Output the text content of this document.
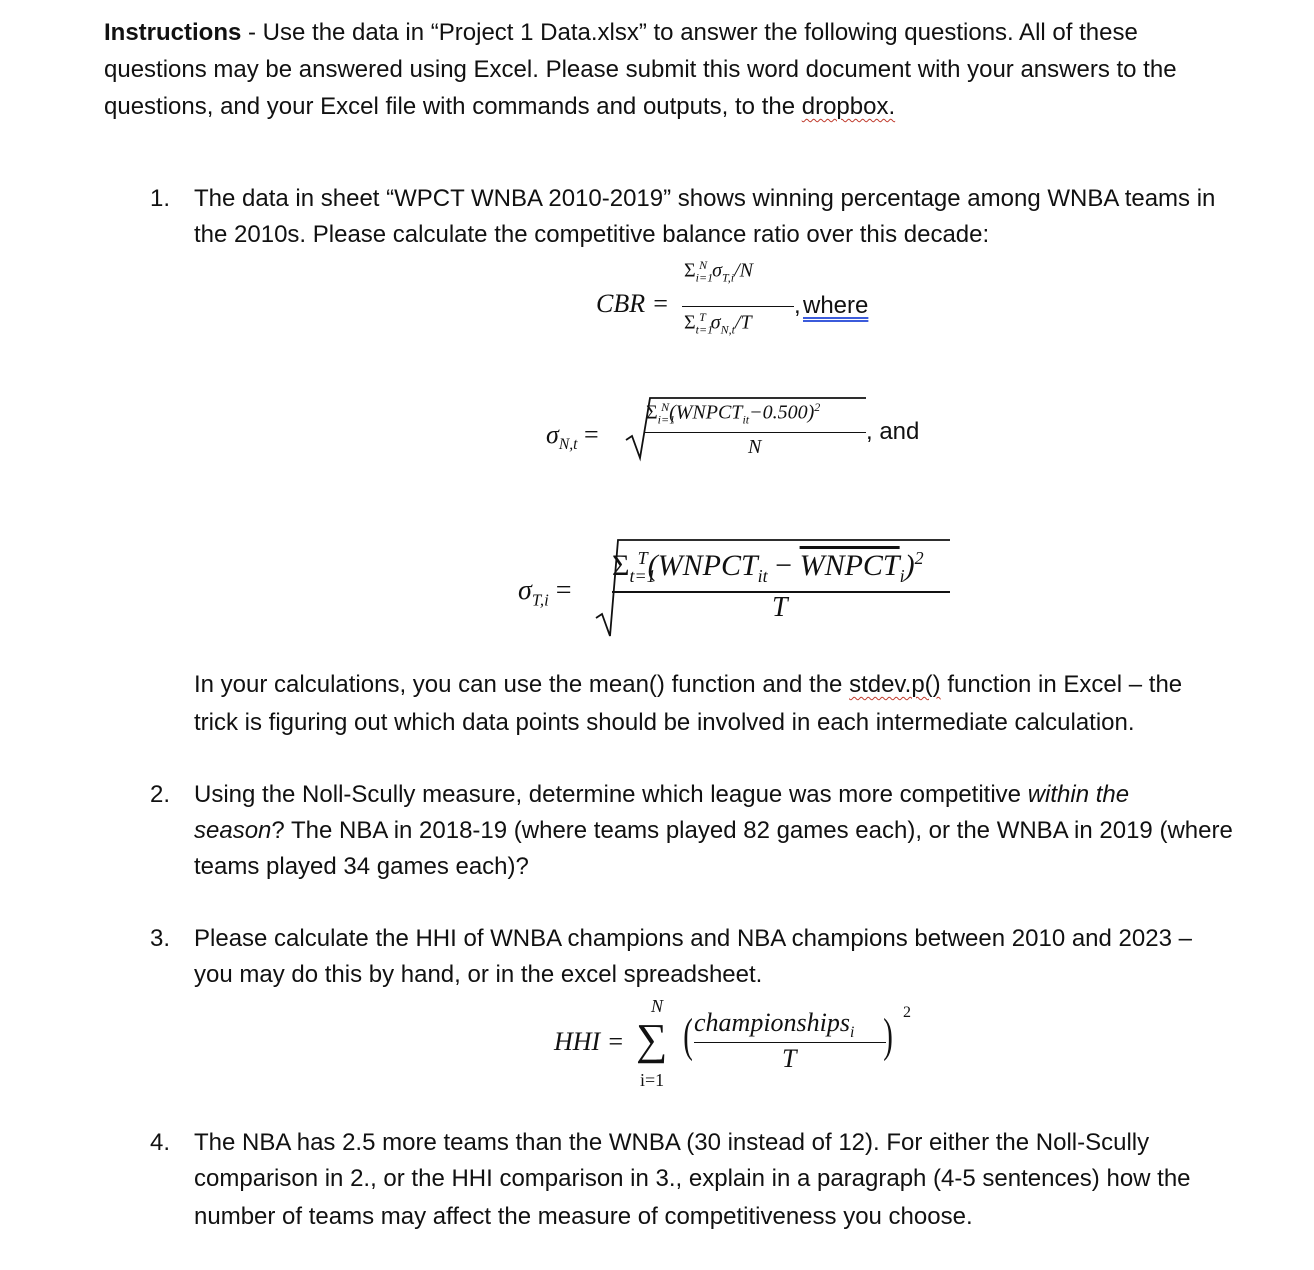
Instructions - Use the data in “Project 1 Data.xlsx” to answer the following questions. All of these
questions may be answered using Excel. Please submit this word document with your answers to the
questions, and your Excel file with commands and outputs, to the dropbox.
1. The data in sheet “WPCT WNBA 2010-2019” shows winning percentage among WNBA teams in
the 2010s. Please calculate the competitive balance ratio over this decade:
CBR =
$\Sigma_{i=1}^N$ $\sigma_{T,i}/N$
$\Sigma_{t=1}^T$ $\sigma_{N,t}/T$
, where
$\sigma_{N,t}$ =
$\Sigma_{i=1}^N(WNPCT_{it}-0.500)^2$
N
, and
$\sigma_{T,i}$ =
$\Sigma_{t=1}^T(WNPCT_{it}$ − $WNPCT_i)^2$
T
In your calculations, you can use the mean() function and the stdev.p() function in Excel – the
trick is figuring out which data points should be involved in each intermediate calculation.
2. Using the Noll-Scully measure, determine which league was more competitive within the
season? The NBA in 2018-19 (where teams played 82 games each), or the WNBA in 2019 (where
teams played 34 games each)?
3. Please calculate the HHI of WNBA champions and NBA champions between 2010 and 2023 –
you may do this by hand, or in the excel spreadsheet.
HHI =
N
∑
i=1
( championships$_i$
T ) 2
4. The NBA has 2.5 more teams than the WNBA (30 instead of 12). For either the Noll-Scully
comparison in 2., or the HHI comparison in 3., explain in a paragraph (4-5 sentences) how the
number of teams may affect the measure of competitiveness you choose.
